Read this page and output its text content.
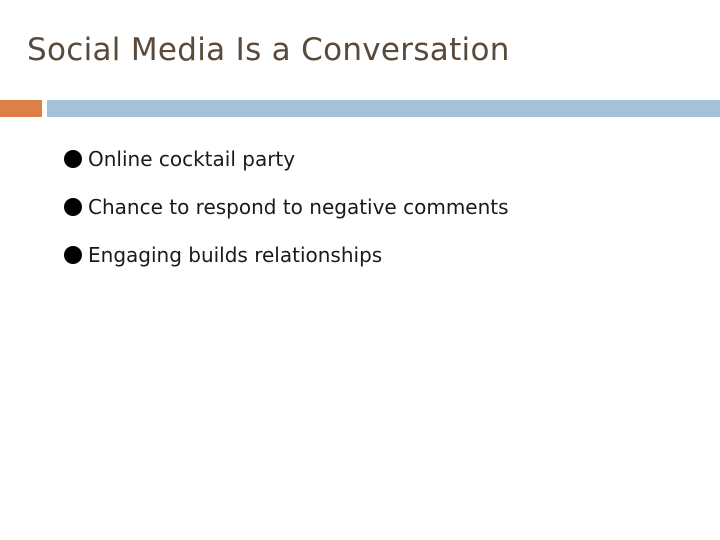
Social Media Is a Conversation
Online cocktail party
Chance to respond to negative comments
Engaging builds relationships
